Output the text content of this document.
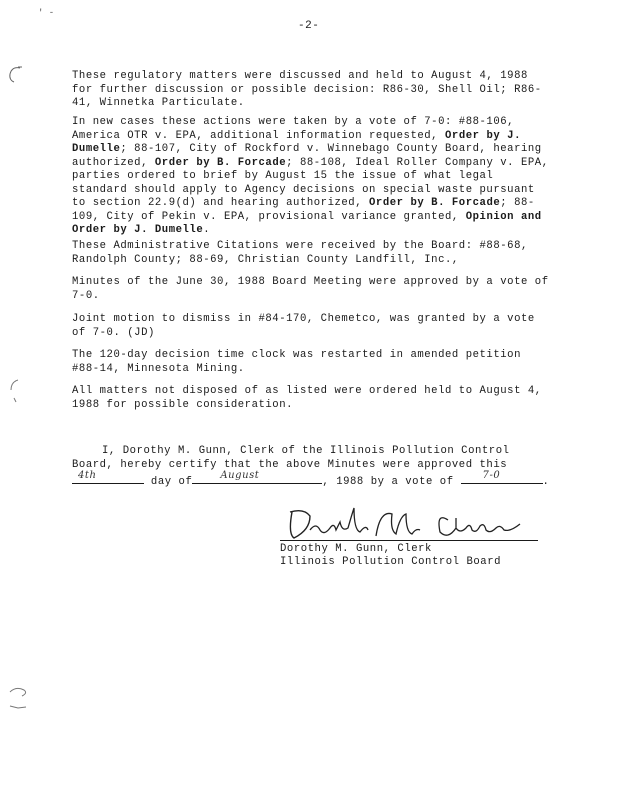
' -
-2-

These regulatory matters were discussed and held to August 4, 1988 for further discussion or possible decision: R86-30, Shell Oil; R86-41, Winnetka Particulate.

In new cases these actions were taken by a vote of 7-0: #88-106, America OTR v. EPA, additional information requested, Order by J. Dumelle; 88-107, City of Rockford v. Winnebago County Board, hearing authorized, Order by B. Forcade; 88-108, Ideal Roller Company v. EPA, parties ordered to brief by August 15 the issue of what legal standard should apply to Agency decisions on special waste pursuant to section 22.9(d) and hearing authorized, Order by B. Forcade; 88-109, City of Pekin v. EPA, provisional variance granted, Opinion and Order by J. Dumelle.

These Administrative Citations were received by the Board: #88-68, Randolph County; 88-69, Christian County Landfill, Inc.,

Minutes of the June 30, 1988 Board Meeting were approved by a vote of 7-0.

Joint motion to dismiss in #84-170, Chemetco, was granted by a vote of 7-0. (JD)

The 120-day decision time clock was restarted in amended petition #88-14, Minnesota Mining.

All matters not disposed of as listed were ordered held to August 4, 1988 for possible consideration.

I, Dorothy M. Gunn, Clerk of the Illinois Pollution Control
Board, hereby certify that the above Minutes were approved this
4th
day of
August
, 1988 by a vote of
7-0
.
Dorothy M. Gunn, Clerk
Illinois Pollution Control Board
